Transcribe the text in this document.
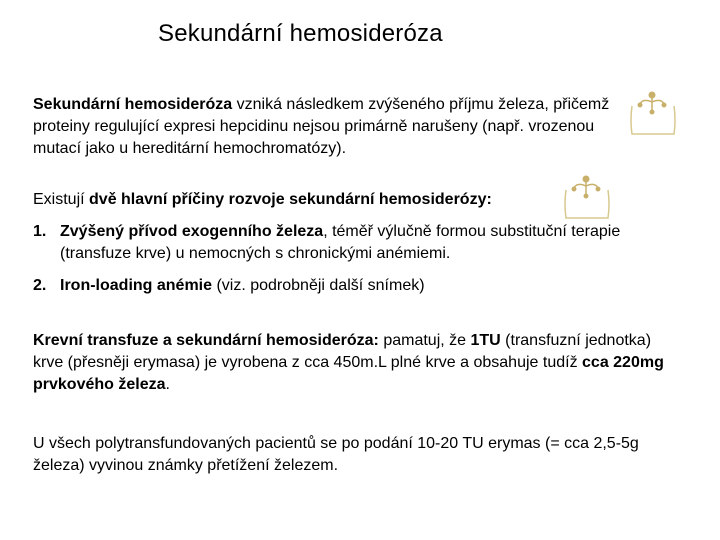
Sekundární hemosideróza
Sekundární hemosideróza vzniká následkem zvýšeného příjmu železa, přičemž proteiny regulující expresi hepcidinu nejsou primárně narušeny (např. vrozenou mutací jako u hereditární hemochromatózy).
Existují dvě hlavní příčiny rozvoje sekundární hemosiderózy:
1. Zvýšený přívod exogenního železa, téměř výlučně formou substituční terapie (transfuze krve) u nemocných s chronickými anémiemi.
2. Iron-loading anémie (viz. podrobněji další snímek)
Krevní transfuze a sekundární hemosideróza: pamatuj, že 1TU (transfuzní jednotka) krve (přesněji erymasa) je vyrobena z cca 450m.L plné krve a obsahuje tudíž cca 220mg prvkového železa.
U všech polytransfundovaných pacientů se po podání 10-20 TU erymas (= cca 2,5-5g železa) vyvinou známky přetížení železem.
